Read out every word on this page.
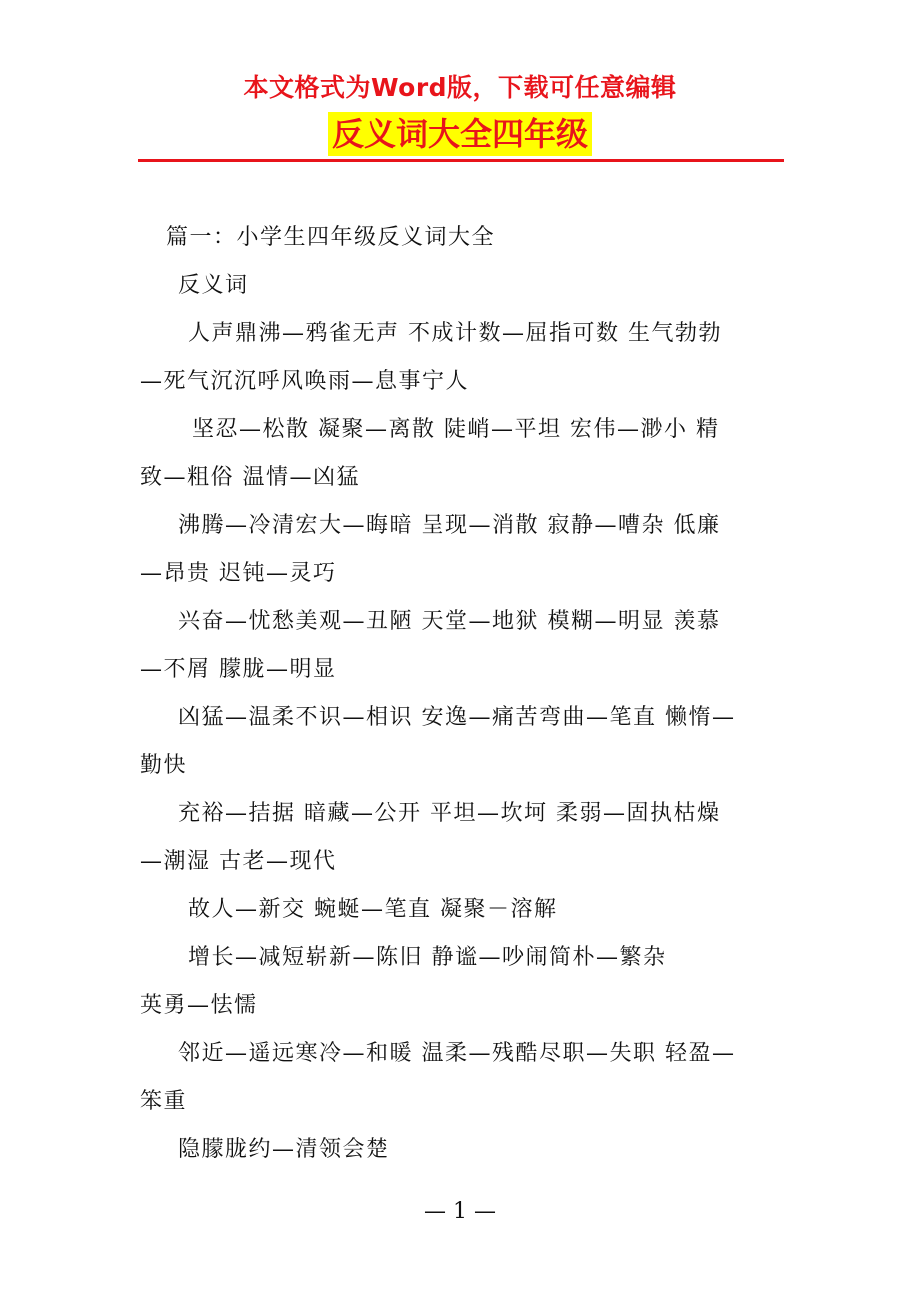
本文格式为Word版，下载可任意编辑
反义词大全四年级
篇一：小学生四年级反义词大全
反义词
人声鼎沸—鸦雀无声 不成计数—屈指可数 生气勃勃
—死气沉沉呼风唤雨—息事宁人
坚忍—松散 凝聚—离散 陡峭—平坦 宏伟—渺小 精
致—粗俗 温情—凶猛
沸腾—冷清宏大—晦暗 呈现—消散 寂静—嘈杂 低廉
—昂贵 迟钝—灵巧
兴奋—忧愁美观—丑陋 天堂—地狱 模糊—明显 羡慕
—不屑 朦胧—明显
凶猛—温柔不识—相识 安逸—痛苦弯曲—笔直 懒惰—
勤快
充裕—拮据 暗藏—公开 平坦—坎坷 柔弱—固执枯燥
—潮湿 古老—现代
故人—新交 蜿蜒—笔直 凝聚－溶解
增长—减短崭新—陈旧 静谧—吵闹简朴—繁杂
英勇—怯懦
邻近—遥远寒冷—和暖 温柔—残酷尽职—失职 轻盈—
笨重
隐朦胧约—清领会楚
— 1 —
